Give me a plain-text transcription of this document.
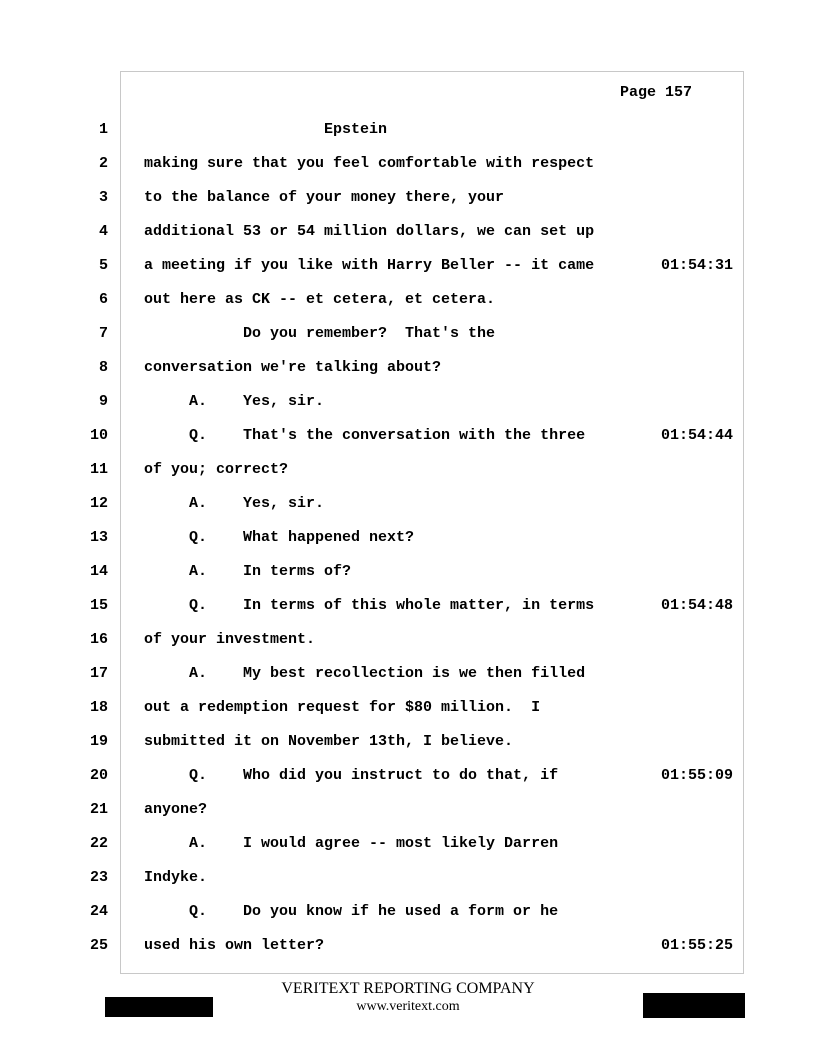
Page 157
1 Epstein
2 making sure that you feel comfortable with respect
3 to the balance of your money there, your
4 additional 53 or 54 million dollars, we can set up
5 a meeting if you like with Harry Beller -- it came	01:54:31
6 out here as CK -- et cetera, et cetera.
7 Do you remember?  That's the
8 conversation we're talking about?
9 A.    Yes, sir.
10 Q.    That's the conversation with the three	01:54:44
11 of you; correct?
12 A.    Yes, sir.
13 Q.    What happened next?
14 A.    In terms of?
15 Q.    In terms of this whole matter, in terms	01:54:48
16 of your investment.
17 A.    My best recollection is we then filled
18 out a redemption request for $80 million.  I
19 submitted it on November 13th, I believe.
20 Q.    Who did you instruct to do that, if	01:55:09
21 anyone?
22 A.    I would agree -- most likely Darren
23 Indyke.
24 Q.    Do you know if he used a form or he
25 used his own letter?	01:55:25
VERITEXT REPORTING COMPANY
www.veritext.com
